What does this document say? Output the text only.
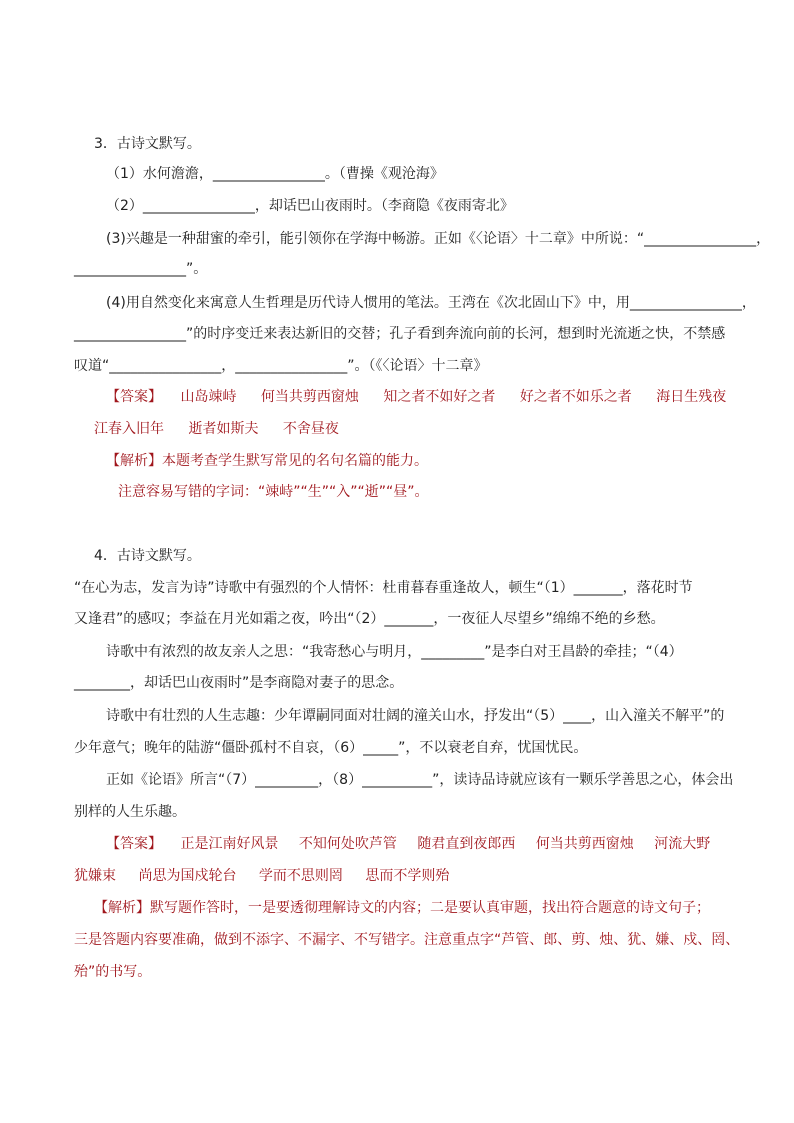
3．古诗文默写。
（1）水何澹澹，________________。（曹操《观沧海》
（2）________________，却话巴山夜雨时。（李商隐《夜雨寄北》
(3)兴趣是一种甜蜜的牵引，能引领你在学海中畅游。正如《〈论语〉十二章》中所说：“________________，
________________”。
(4)用自然变化来寓意人生哲理是历代诗人惯用的笔法。王湾在《次北固山下》中，用________________，
________________”的时序变迁来表达新旧的交替；孔子看到奔流向前的长河，想到时光流逝之快，不禁感
叹道“________________，________________”。（《〈论语〉十二章》
【答案】 山岛竦峙 何当共剪西窗烛 知之者不如好之者 好之者不如乐之者 海日生残夜
江春入旧年 逝者如斯夫 不舍昼夜
【解析】本题考查学生默写常见的名句名篇的能力。
注意容易写错的字词：“竦峙”“生”“入”“逝”“昼”。
4．古诗文默写。
“在心为志，发言为诗”诗歌中有强烈的个人情怀：杜甫暮春重逢故人，顿生“（1）_______，落花时节
又逢君”的感叹；李益在月光如霜之夜，吟出“（2）_______，一夜征人尽望乡”绵绵不绝的乡愁。
诗歌中有浓烈的故友亲人之思：“我寄愁心与明月，_________”是李白对王昌龄的牵挂；“（4）
________，却话巴山夜雨时”是李商隐对妻子的思念。
诗歌中有壮烈的人生志趣：少年谭嗣同面对壮阔的潼关山水，抒发出“（5）____，山入潼关不解平”的
少年意气；晚年的陆游“僵卧孤村不自哀，（6）_____”，不以衰老自弃，忧国忧民。
正如《论语》所言“（7）_________，（8）__________”，读诗品诗就应该有一颗乐学善思之心，体会出
别样的人生乐趣。
【答案】 正是江南好风景 不知何处吹芦管 随君直到夜郎西 何当共剪西窗烛 河流大野
犹嫌束 尚思为国戍轮台 学而不思则罔 思而不学则殆
【解析】默写题作答时，一是要透彻理解诗文的内容；二是要认真审题，找出符合题意的诗文句子；
三是答题内容要准确，做到不添字、不漏字、不写错字。注意重点字“芦管、郎、剪、烛、犹、嫌、戍、罔、
殆”的书写。
